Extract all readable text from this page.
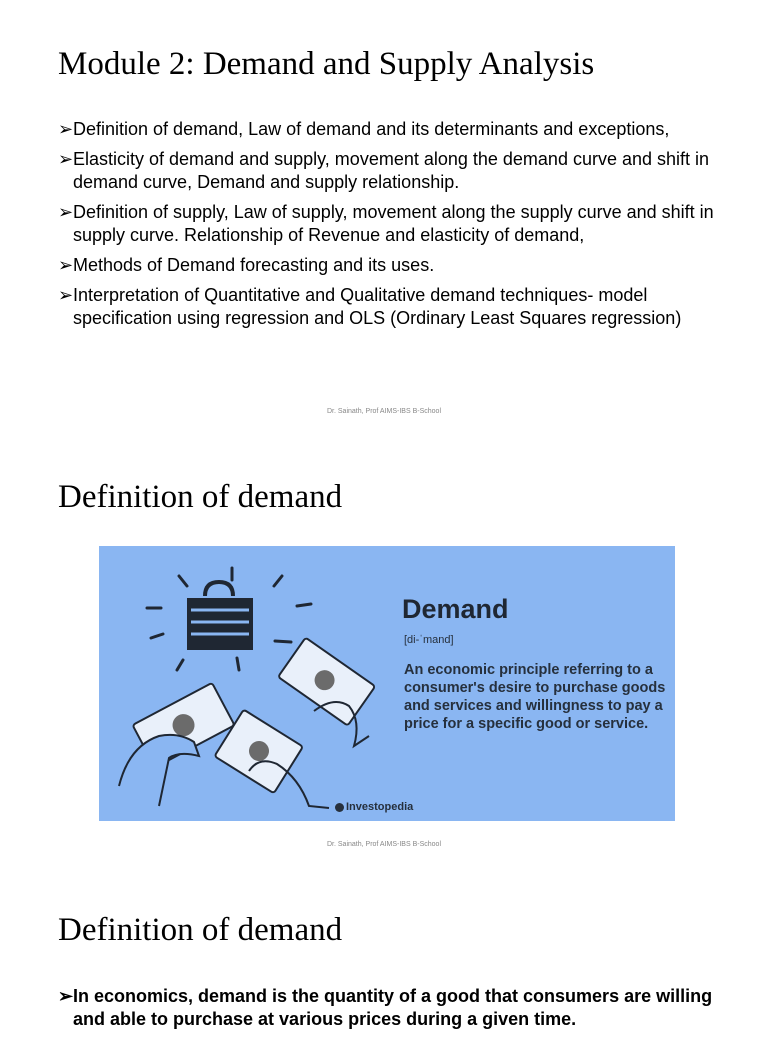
Module 2: Demand and Supply Analysis
➢ Definition of demand, Law of demand and its determinants and exceptions,
➢ Elasticity of demand and supply, movement along the demand curve and shift in demand curve, Demand and supply relationship.
➢ Definition of supply, Law of supply, movement along the supply curve and shift in supply curve. Relationship of Revenue and elasticity of demand,
➢ Methods of Demand forecasting and its uses.
➢ Interpretation of Quantitative and Qualitative demand techniques- model specification using regression and OLS (Ordinary Least Squares regression)
Dr. Sainath, Prof AIMS-IBS B-School
Definition of demand
Demand
[di-ˈmand]
An economic principle referring to a consumer's desire to purchase goods and services and willingness to pay a price for a specific good or service.
Investopedia
Dr. Sainath, Prof AIMS-IBS B-School
Definition of demand
➢ In economics, demand is the quantity of a good that consumers are willing and able to purchase at various prices during a given time.
